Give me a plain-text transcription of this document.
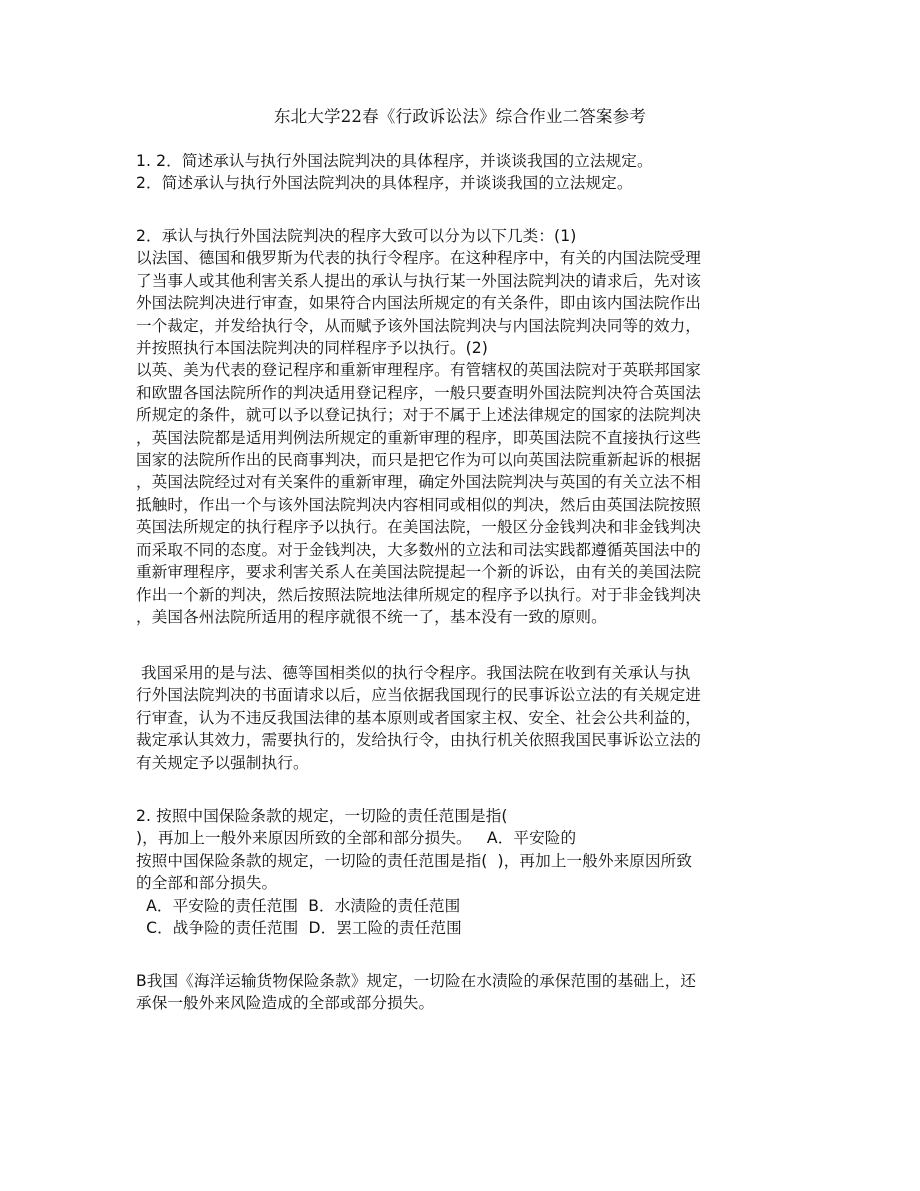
东北大学22春《行政诉讼法》综合作业二答案参考
1. 2．简述承认与执行外国法院判决的具体程序，并谈谈我国的立法规定。
2．简述承认与执行外国法院判决的具体程序，并谈谈我国的立法规定。
2．承认与执行外国法院判决的程序大致可以分为以下几类：(1)
以法国、德国和俄罗斯为代表的执行令程序。在这种程序中，有关的内国法院受理
了当事人或其他利害关系人提出的承认与执行某一外国法院判决的请求后，先对该
外国法院判决进行审查，如果符合内国法所规定的有关条件，即由该内国法院作出
一个裁定，并发给执行令，从而赋予该外国法院判决与内国法院判决同等的效力，
并按照执行本国法院判决的同样程序予以执行。(2)
以英、美为代表的登记程序和重新审理程序。有管辖权的英国法院对于英联邦国家
和欧盟各国法院所作的判决适用登记程序，一般只要查明外国法院判决符合英国法
所规定的条件，就可以予以登记执行；对于不属于上述法律规定的国家的法院判决
，英国法院都是适用判例法所规定的重新审理的程序，即英国法院不直接执行这些
国家的法院所作出的民商事判决，而只是把它作为可以向英国法院重新起诉的根据
，英国法院经过对有关案件的重新审理，确定外国法院判决与英国的有关立法不相
抵触时，作出一个与该外国法院判决内容相同或相似的判决，然后由英国法院按照
英国法所规定的执行程序予以执行。在美国法院，一般区分金钱判决和非金钱判决
而采取不同的态度。对于金钱判决，大多数州的立法和司法实践都遵循英国法中的
重新审理程序，要求利害关系人在美国法院提起一个新的诉讼，由有关的美国法院
作出一个新的判决，然后按照法院地法律所规定的程序予以执行。对于非金钱判决
，美国各州法院所适用的程序就很不统一了，基本没有一致的原则。
我国采用的是与法、德等国相类似的执行令程序。我国法院在收到有关承认与执
行外国法院判决的书面请求以后，应当依据我国现行的民事诉讼立法的有关规定进
行审查，认为不违反我国法律的基本原则或者国家主权、安全、社会公共利益的，
裁定承认其效力，需要执行的，发给执行令，由执行机关依照我国民事诉讼立法的
有关规定予以强制执行。
2. 按照中国保险条款的规定，一切险的责任范围是指(
)，再加上一般外来原因所致的全部和部分损失。   A．平安险的
按照中国保险条款的规定，一切险的责任范围是指(  )，再加上一般外来原因所致
的全部和部分损失。
A．平安险的责任范围  B．水渍险的责任范围
C．战争险的责任范围  D．罢工险的责任范围
B我国《海洋运输货物保险条款》规定，一切险在水渍险的承保范围的基础上，还
承保一般外来风险造成的全部或部分损失。
